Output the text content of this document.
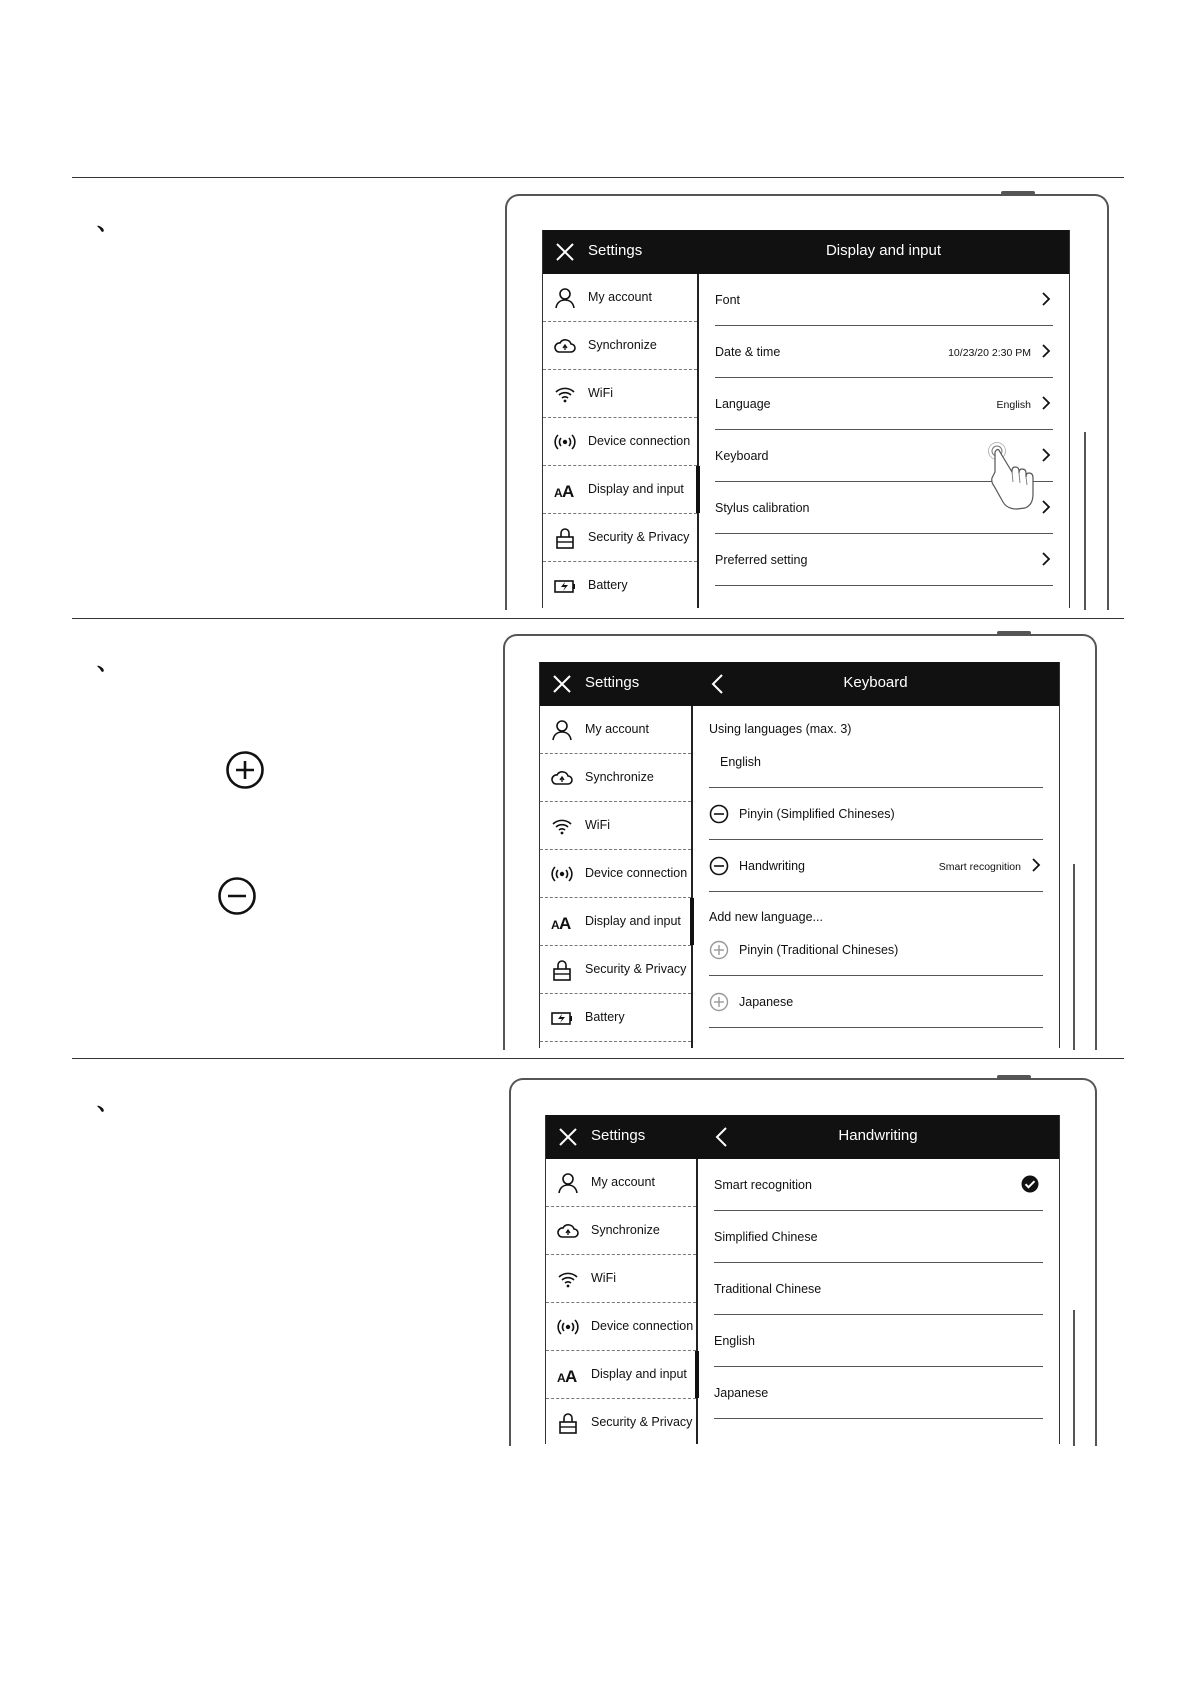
、
、
、
Settings	Display and input
My account
Synchronize
WiFi
Device connection
A A Display and input
Security & Privacy
Battery
Font
Date & time	10/23/20 2:30 PM
Language	English
Keyboard
Stylus calibration
Preferred setting
Settings	Keyboard
My account
Synchronize
WiFi
Device connection
A A Display and input
Security & Privacy
Battery
Using languages (max. 3)
English
Pinyin (Simplified Chineses)
Handwriting	Smart recognition
Add new language...
Pinyin (Traditional Chineses)
Japanese
Settings	Handwriting
My account
Synchronize
WiFi
Device connection
A A Display and input
Security & Privacy
Smart recognition
Simplified Chinese
Traditional Chinese
English
Japanese
